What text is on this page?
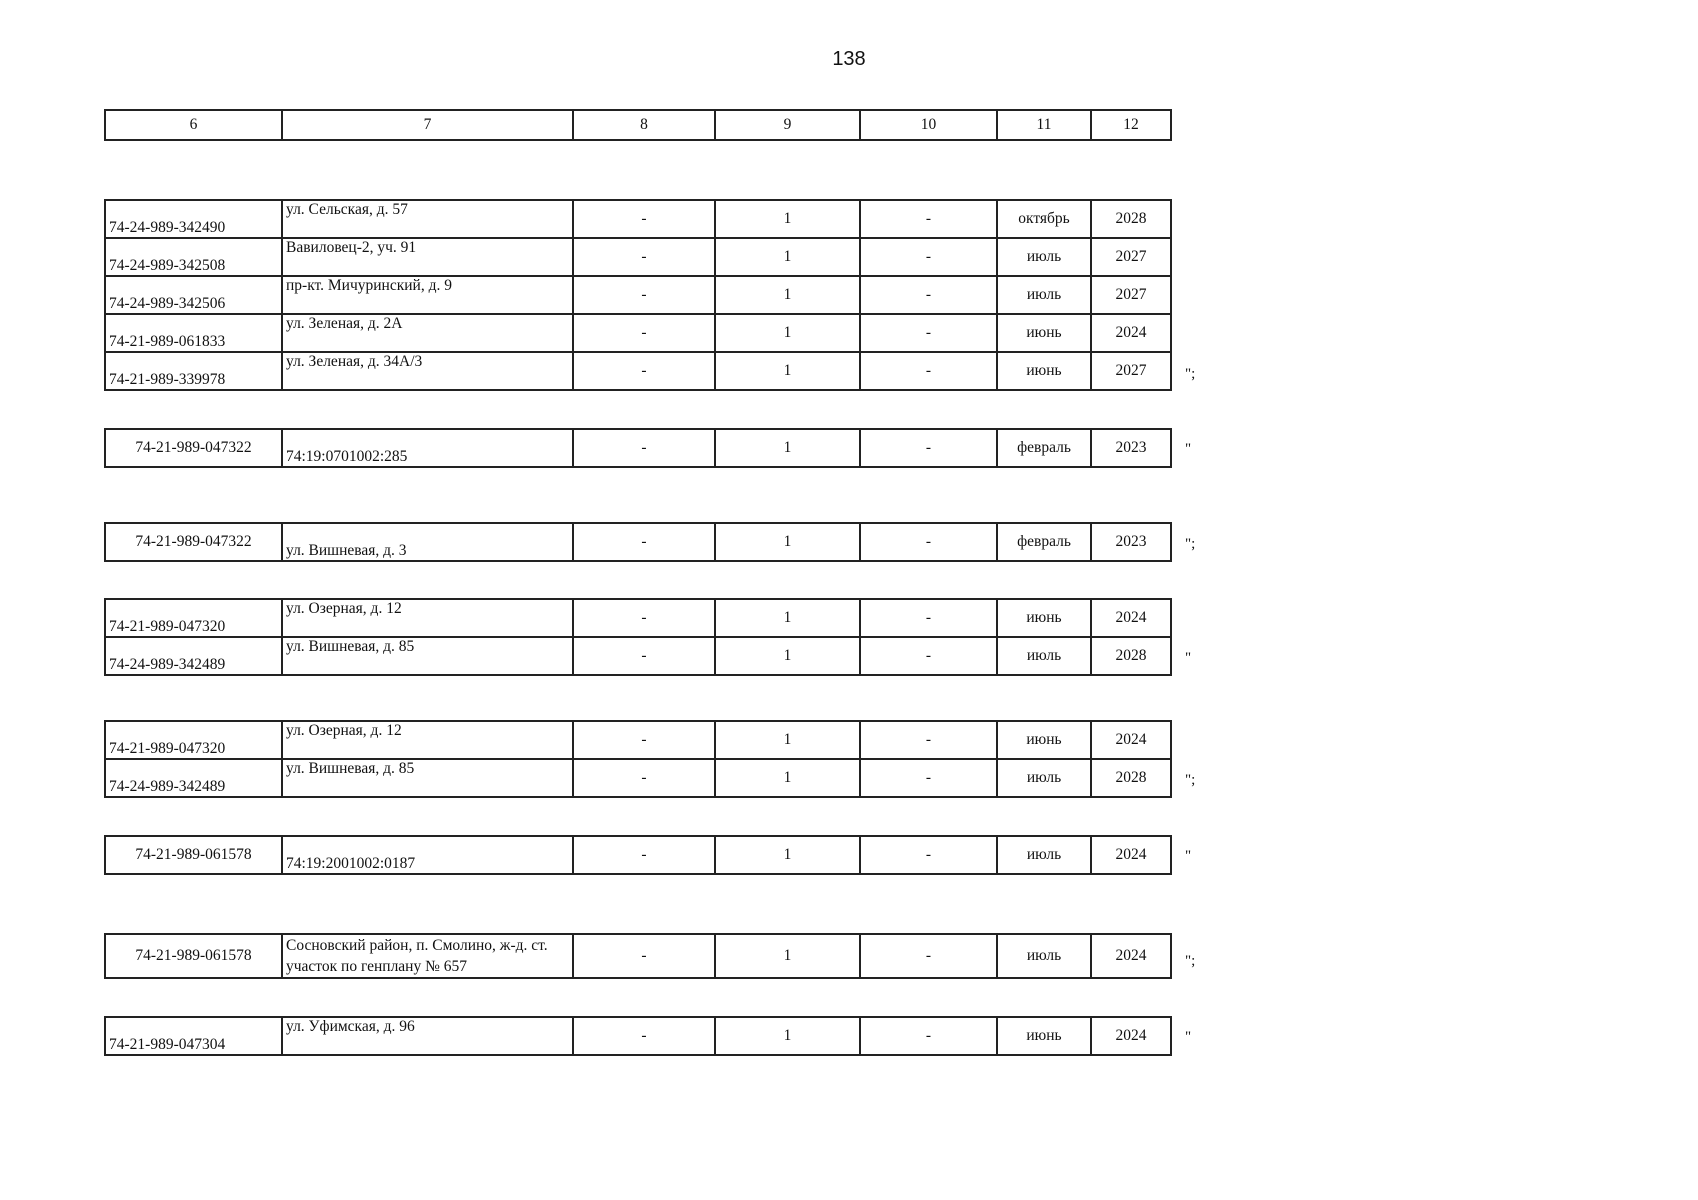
138
6	7	8	9	10	11	12
74-24-989-342490	ул. Сельская, д. 57	-	1	-	октябрь	2028
74-24-989-342508	Вавиловец-2, уч. 91	-	1	-	июль	2027
74-24-989-342506	пр-кт. Мичуринский, д. 9	-	1	-	июль	2027
74-21-989-061833	ул. Зеленая, д. 2А	-	1	-	июнь	2024
74-21-989-339978	ул. Зеленая, д. 34А/3	-	1	-	июнь	2027	";
74-21-989-047322	74:19:0701002:285	-	1	-	февраль	2023	"
74-21-989-047322	ул. Вишневая, д. 3	-	1	-	февраль	2023	";
74-21-989-047320	ул. Озерная, д. 12	-	1	-	июнь	2024
74-24-989-342489	ул. Вишневая, д. 85	-	1	-	июль	2028	"
74-21-989-047320	ул. Озерная, д. 12	-	1	-	июнь	2024
74-24-989-342489	ул. Вишневая, д. 85	-	1	-	июль	2028	";
74-21-989-061578	74:19:2001002:0187	-	1	-	июль	2024	"
74-21-989-061578	Сосновский район, п. Смолино, ж-д. ст. участок по генплану № 657	-	1	-	июль	2024	";
74-21-989-047304	ул. Уфимская, д. 96	-	1	-	июнь	2024	"
